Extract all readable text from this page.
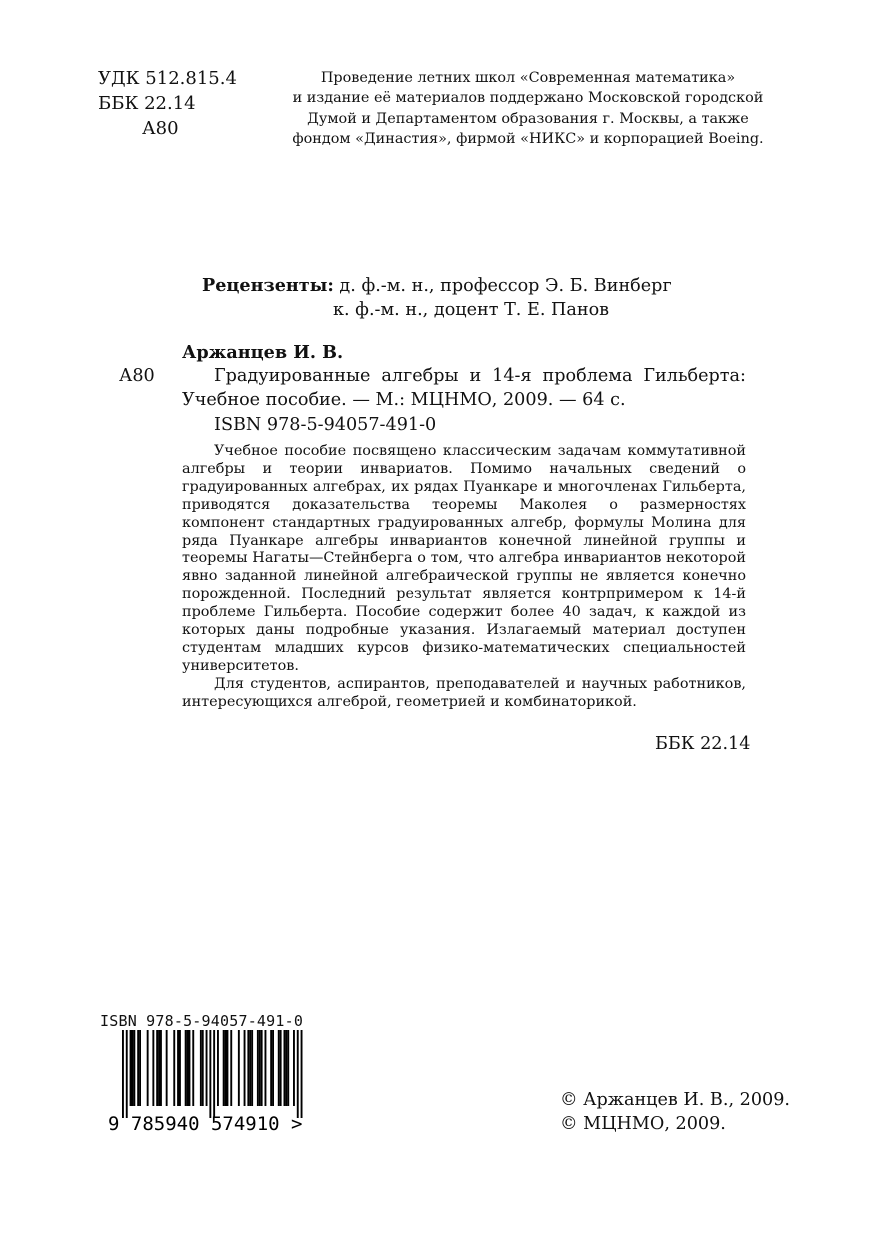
УДК 512.815.4
ББК 22.14
А80
Проведение летних школ «Современная математика»
и издание её материалов поддержано Московской городской
Думой и Департаментом образования г. Москвы, а также
фондом «Династия», фирмой «НИКС» и корпорацией Boeing.
Рецензенты: д. ф.-м. н., профессор Э. Б. Винберг
к. ф.-м. н., доцент Т. Е. Панов
Аржанцев И. В.
А80	Градуированные алгебры и 14-я проблема Гильберта:
Учебное пособие. — М.: МЦНМО, 2009. — 64 с.
ISBN 978-5-94057-491-0

Учебное пособие посвящено классическим задачам коммутативной алгебры и теории инвариатов. Помимо начальных сведений о градуированных алгебрах, их рядах Пуанкаре и многочленах Гильберта, приводятся доказательства теоремы Маколея о размерностях компонент стандартных градуированных алгебр, формулы Молина для ряда Пуанкаре алгебры инвариантов конечной линейной группы и теоремы Нагаты—Стейнберга о том, что алгебра инвариантов некоторой явно заданной линейной алгебраической группы не является конечно порожденной. Последний результат является контрпримером к 14-й проблеме Гильберта. Пособие содержит более 40 задач, к каждой из которых даны подробные указания. Излагаемый материал доступен студентам младших курсов физико-математических специальностей университетов.

Для студентов, аспирантов, преподавателей и научных работников, интересующихся алгеброй, геометрией и комбинаторикой.

ББК 22.14
ISBN 978-5-94057-491-0
9 785940 574910 >
© Аржанцев И. В., 2009.
© МЦНМО, 2009.
